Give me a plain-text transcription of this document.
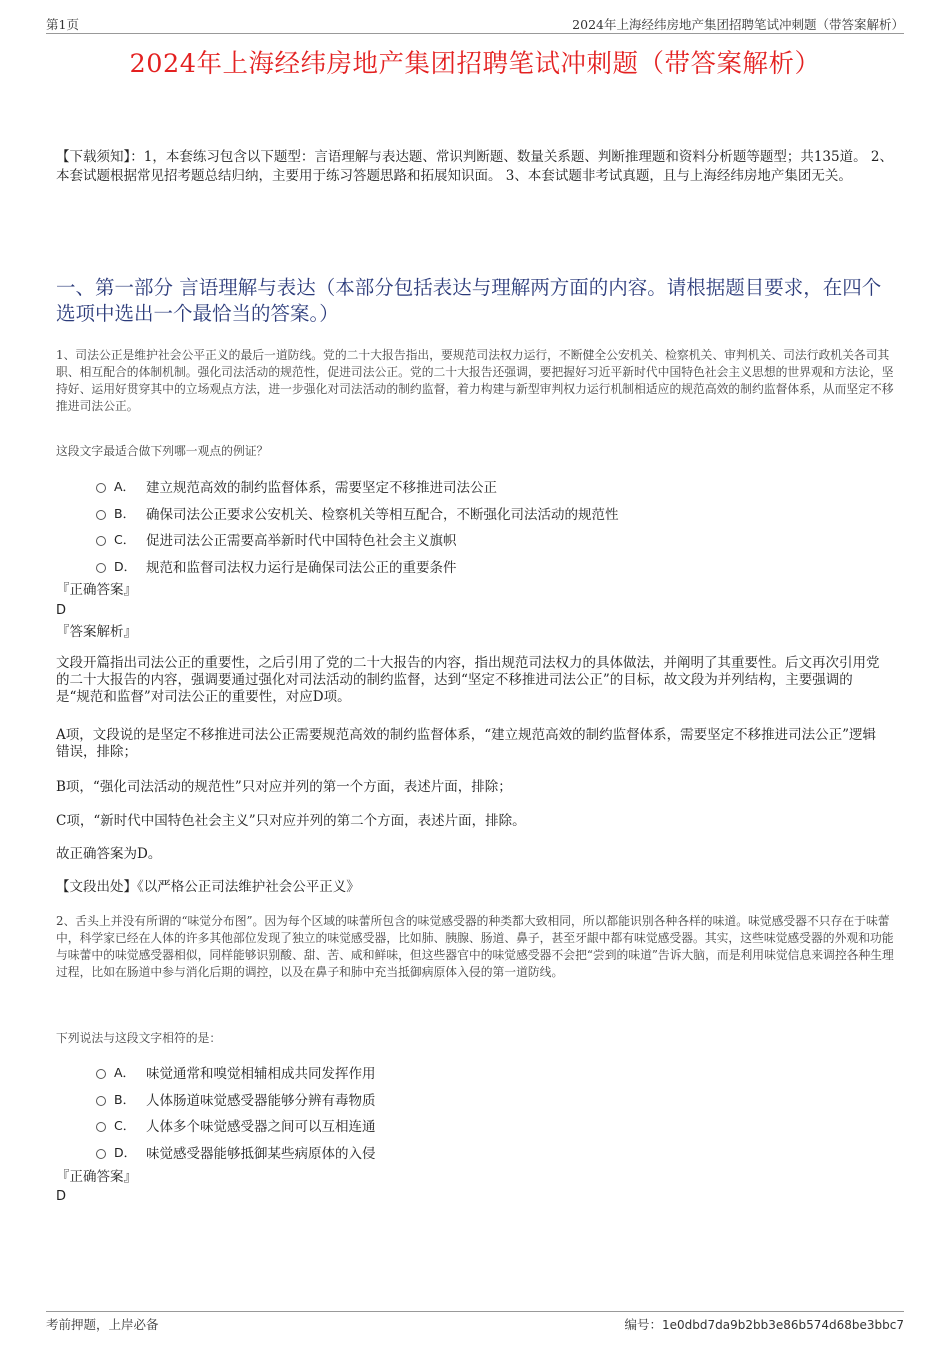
第1页	2024年上海经纬房地产集团招聘笔试冲刺题（带答案解析）
2024年上海经纬房地产集团招聘笔试冲刺题（带答案解析）
【下载须知】：1，本套练习包含以下题型：言语理解与表达题、常识判断题、数量关系题、判断推理题和资料分析题等题型；共135道。 2、本套试题根据常见招考题总结归纳，主要用于练习答题思路和拓展知识面。 3、本套试题非考试真题，且与上海经纬房地产集团无关。
一、第一部分 言语理解与表达（本部分包括表达与理解两方面的内容。请根据题目要求，在四个选项中选出一个最恰当的答案。）
1、司法公正是维护社会公平正义的最后一道防线。党的二十大报告指出，要规范司法权力运行，不断健全公安机关、检察机关、审判机关、司法行政机关各司其职、相互配合的体制机制。强化司法活动的规范性，促进司法公正。党的二十大报告还强调，要把握好习近平新时代中国特色社会主义思想的世界观和方法论，坚持好、运用好贯穿其中的立场观点方法，进一步强化对司法活动的制约监督，着力构建与新型审判权力运行机制相适应的规范高效的制约监督体系，从而坚定不移推进司法公正。
这段文字最适合做下列哪一观点的例证？
A． 建立规范高效的制约监督体系，需要坚定不移推进司法公正
B． 确保司法公正要求公安机关、检察机关等相互配合，不断强化司法活动的规范性
C． 促进司法公正需要高举新时代中国特色社会主义旗帜
D． 规范和监督司法权力运行是确保司法公正的重要条件
『正确答案』
D
『答案解析』
文段开篇指出司法公正的重要性，之后引用了党的二十大报告的内容，指出规范司法权力的具体做法，并阐明了其重要性。后文再次引用党的二十大报告的内容，强调要通过强化对司法活动的制约监督，达到“坚定不移推进司法公正”的目标，故文段为并列结构，主要强调的是“规范和监督”对司法公正的重要性，对应D项。
A项，文段说的是坚定不移推进司法公正需要规范高效的制约监督体系，“建立规范高效的制约监督体系，需要坚定不移推进司法公正”逻辑错误，排除；
B项，“强化司法活动的规范性”只对应并列的第一个方面，表述片面，排除；
C项，“新时代中国特色社会主义”只对应并列的第二个方面，表述片面，排除。
故正确答案为D。
【文段出处】《以严格公正司法维护社会公平正义》
2、舌头上并没有所谓的“味觉分布图”。因为每个区域的味蕾所包含的味觉感受器的种类都大致相同，所以都能识别各种各样的味道。味觉感受器不只存在于味蕾中，科学家已经在人体的许多其他部位发现了独立的味觉感受器，比如肺、胰腺、肠道、鼻子，甚至牙龈中都有味觉感受器。其实，这些味觉感受器的外观和功能与味蕾中的味觉感受器相似，同样能够识别酸、甜、苦、咸和鲜味，但这些器官中的味觉感受器不会把“尝到的味道”告诉大脑，而是利用味觉信息来调控各种生理过程，比如在肠道中参与消化后期的调控，以及在鼻子和肺中充当抵御病原体入侵的第一道防线。
下列说法与这段文字相符的是：
A． 味觉通常和嗅觉相辅相成共同发挥作用
B． 人体肠道味觉感受器能够分辨有毒物质
C． 人体多个味觉感受器之间可以互相连通
D． 味觉感受器能够抵御某些病原体的入侵
『正确答案』
D
考前押题，上岸必备	编号：1e0dbd7da9b2bb3e86b574d68be3bbc7
